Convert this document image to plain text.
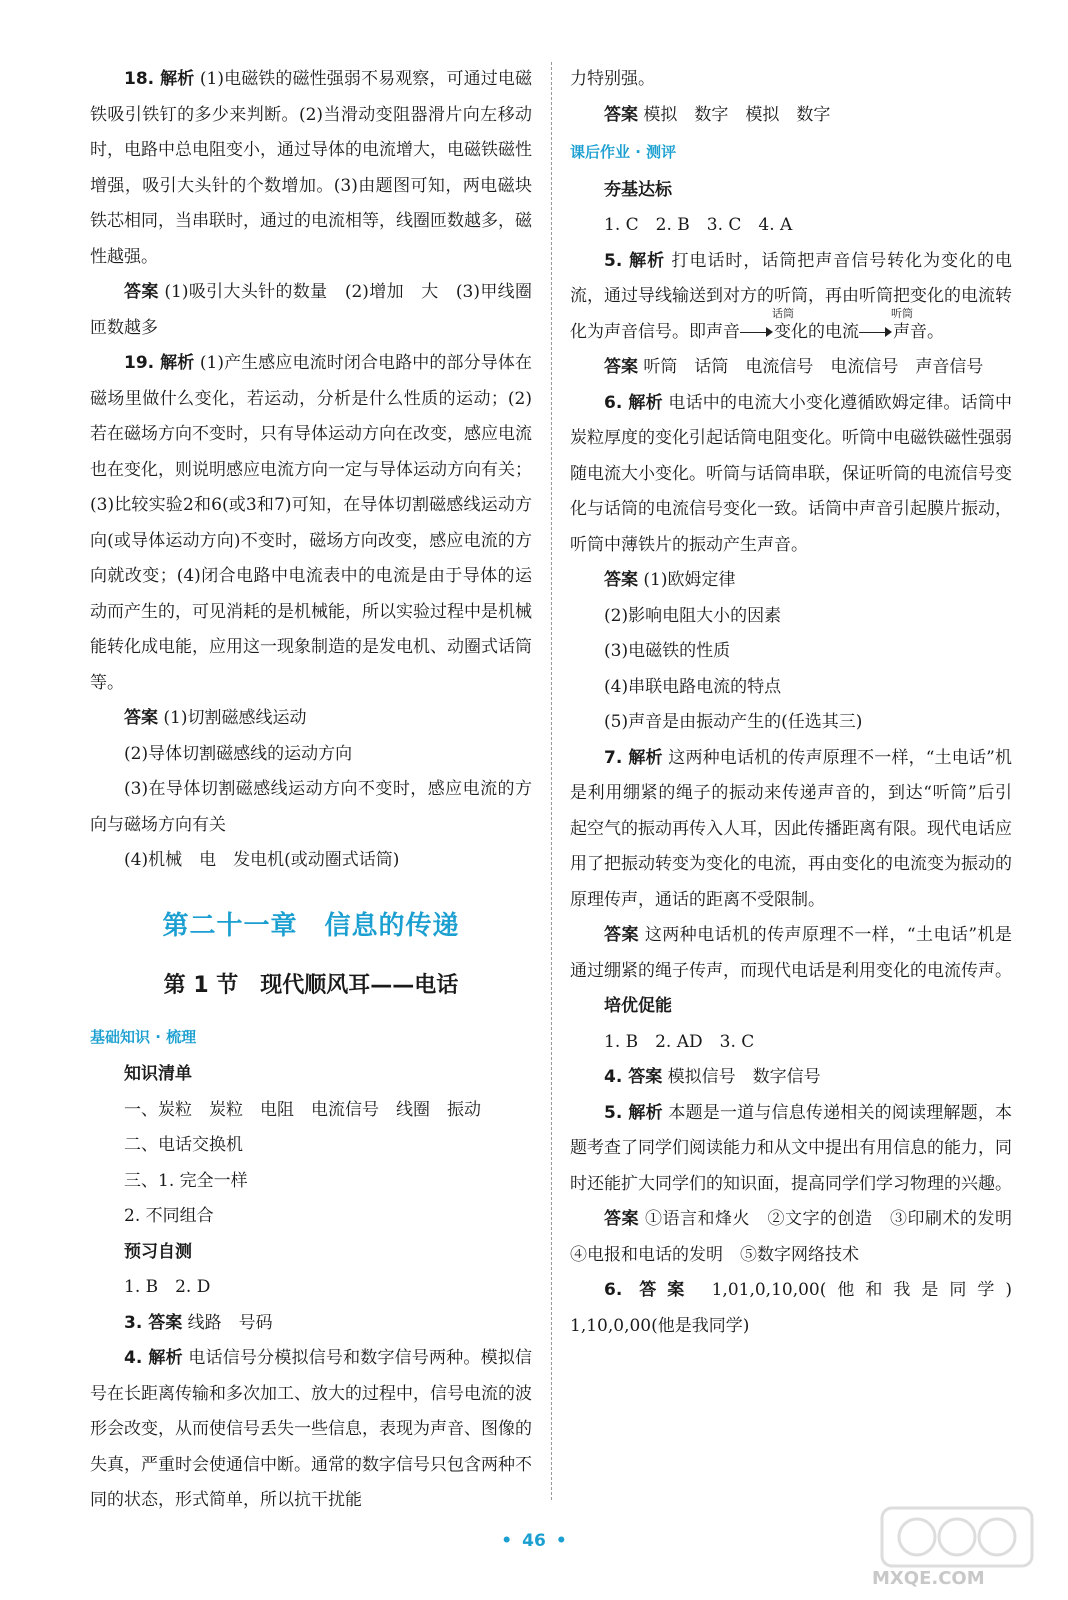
18. 解析 (1)电磁铁的磁性强弱不易观察，可通过电磁铁吸引铁钉的多少来判断。(2)当滑动变阻器滑片向左移动时，电路中总电阻变小，通过导体的电流增大，电磁铁磁性增强，吸引大头针的个数增加。(3)由题图可知，两电磁块铁芯相同，当串联时，通过的电流相等，线圈匝数越多，磁性越强。

答案 (1)吸引大头针的数量　(2)增加　大　(3)甲线圈匝数越多

19. 解析 (1)产生感应电流时闭合电路中的部分导体在磁场里做什么变化，若运动，分析是什么性质的运动；(2)若在磁场方向不变时，只有导体运动方向在改变，感应电流也在变化，则说明感应电流方向一定与导体运动方向有关；(3)比较实验2和6(或3和7)可知，在导体切割磁感线运动方向(或导体运动方向)不变时，磁场方向改变，感应电流的方向就改变；(4)闭合电路中电流表中的电流是由于导体的运动而产生的，可见消耗的是机械能，所以实验过程中是机械能转化成电能，应用这一现象制造的是发电机、动圈式话筒等。

答案 (1)切割磁感线运动

(2)导体切割磁感线的运动方向

(3)在导体切割磁感线运动方向不变时，感应电流的方向与磁场方向有关

(4)机械　电　发电机(或动圈式话筒)

第二十一章　信息的传递
第 1 节　现代顺风耳——电话
基础知识 · 梳理
知识清单

一、炭粒　炭粒　电阻　电流信号　线圈　振动

二、电话交换机

三、1. 完全一样

2. 不同组合

预习自测

1. B　2. D

3. 答案 线路　号码

4. 解析 电话信号分模拟信号和数字信号两种。模拟信号在长距离传输和多次加工、放大的过程中，信号电流的波形会改变，从而使信号丢失一些信息，表现为声音、图像的失真，严重时会使通信中断。通常的数字信号只包含两种不同的状态，形式简单，所以抗干扰能

力特别强。

答案 模拟　数字　模拟　数字

课后作业 · 测评
夯基达标

1. C　2. B　3. C　4. A

5. 解析 打电话时，话筒把声音信号转化为变化的电流，通过导线输送到对方的听筒，再由听筒把变化的电流转化为声音信号。即声音
话筒
变化的电流
听筒
声音。

答案 听筒　话筒　电流信号　电流信号　声音信号

6. 解析 电话中的电流大小变化遵循欧姆定律。话筒中炭粒厚度的变化引起话筒电阻变化。听筒中电磁铁磁性强弱随电流大小变化。听筒与话筒串联，保证听筒的电流信号变化与话筒的电流信号变化一致。话筒中声音引起膜片振动，听筒中薄铁片的振动产生声音。

答案 (1)欧姆定律

(2)影响电阻大小的因素

(3)电磁铁的性质

(4)串联电路电流的特点

(5)声音是由振动产生的(任选其三)

7. 解析 这两种电话机的传声原理不一样，“土电话”机是利用绷紧的绳子的振动来传递声音的，到达“听筒”后引起空气的振动再传入人耳，因此传播距离有限。现代电话应用了把振动转变为变化的电流，再由变化的电流变为振动的原理传声，通话的距离不受限制。

答案 这两种电话机的传声原理不一样，“土电话”机是通过绷紧的绳子传声，而现代电话是利用变化的电流传声。

培优促能

1. B　2. AD　3. C

4. 答案 模拟信号　数字信号

5. 解析 本题是一道与信息传递相关的阅读理解题，本题考查了同学们阅读能力和从文中提出有用信息的能力，同时还能扩大同学们的知识面，提高同学们学习物理的兴趣。

答案 ①语言和烽火　②文字的创造　③印刷术的发明　④电报和电话的发明　⑤数字网络技术

6. 答案 1,01,0,10,00(他和我是同学)　1,10,0,00(他是我同学)

• 46 •
MXQE.COM
